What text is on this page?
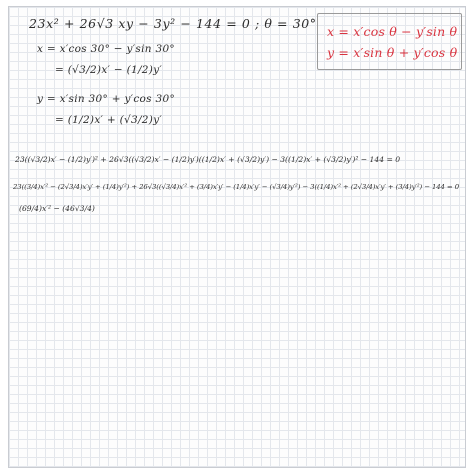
23x² + 26√3 xy − 3y² − 144 = 0 ; θ = 30°
x = x′cos θ − y′sin θ
y = x′sin θ + y′cos θ
x = x′cos 30° − y′sin 30°
= (√3/2)x′ − (1/2)y′
y = x′sin 30° + y′cos 30°
= (1/2)x′ + (√3/2)y′
23((√3/2)x′ − (1/2)y′)² + 26√3((√3/2)x′ − (1/2)y′)((1/2)x′ + (√3/2)y′) − 3((1/2)x′ + (√3/2)y′)² − 144 = 0
23((3/4)x′² − (2√3/4)x′y′ + (1/4)y′²) + 26√3((√3/4)x′² + (3/4)x′y′ − (1/4)x′y′ − (√3/4)y′²) − 3((1/4)x′² + (2√3/4)x′y′ + (3/4)y′²) − 144 = 0
(69/4)x′² − (46√3/4)
